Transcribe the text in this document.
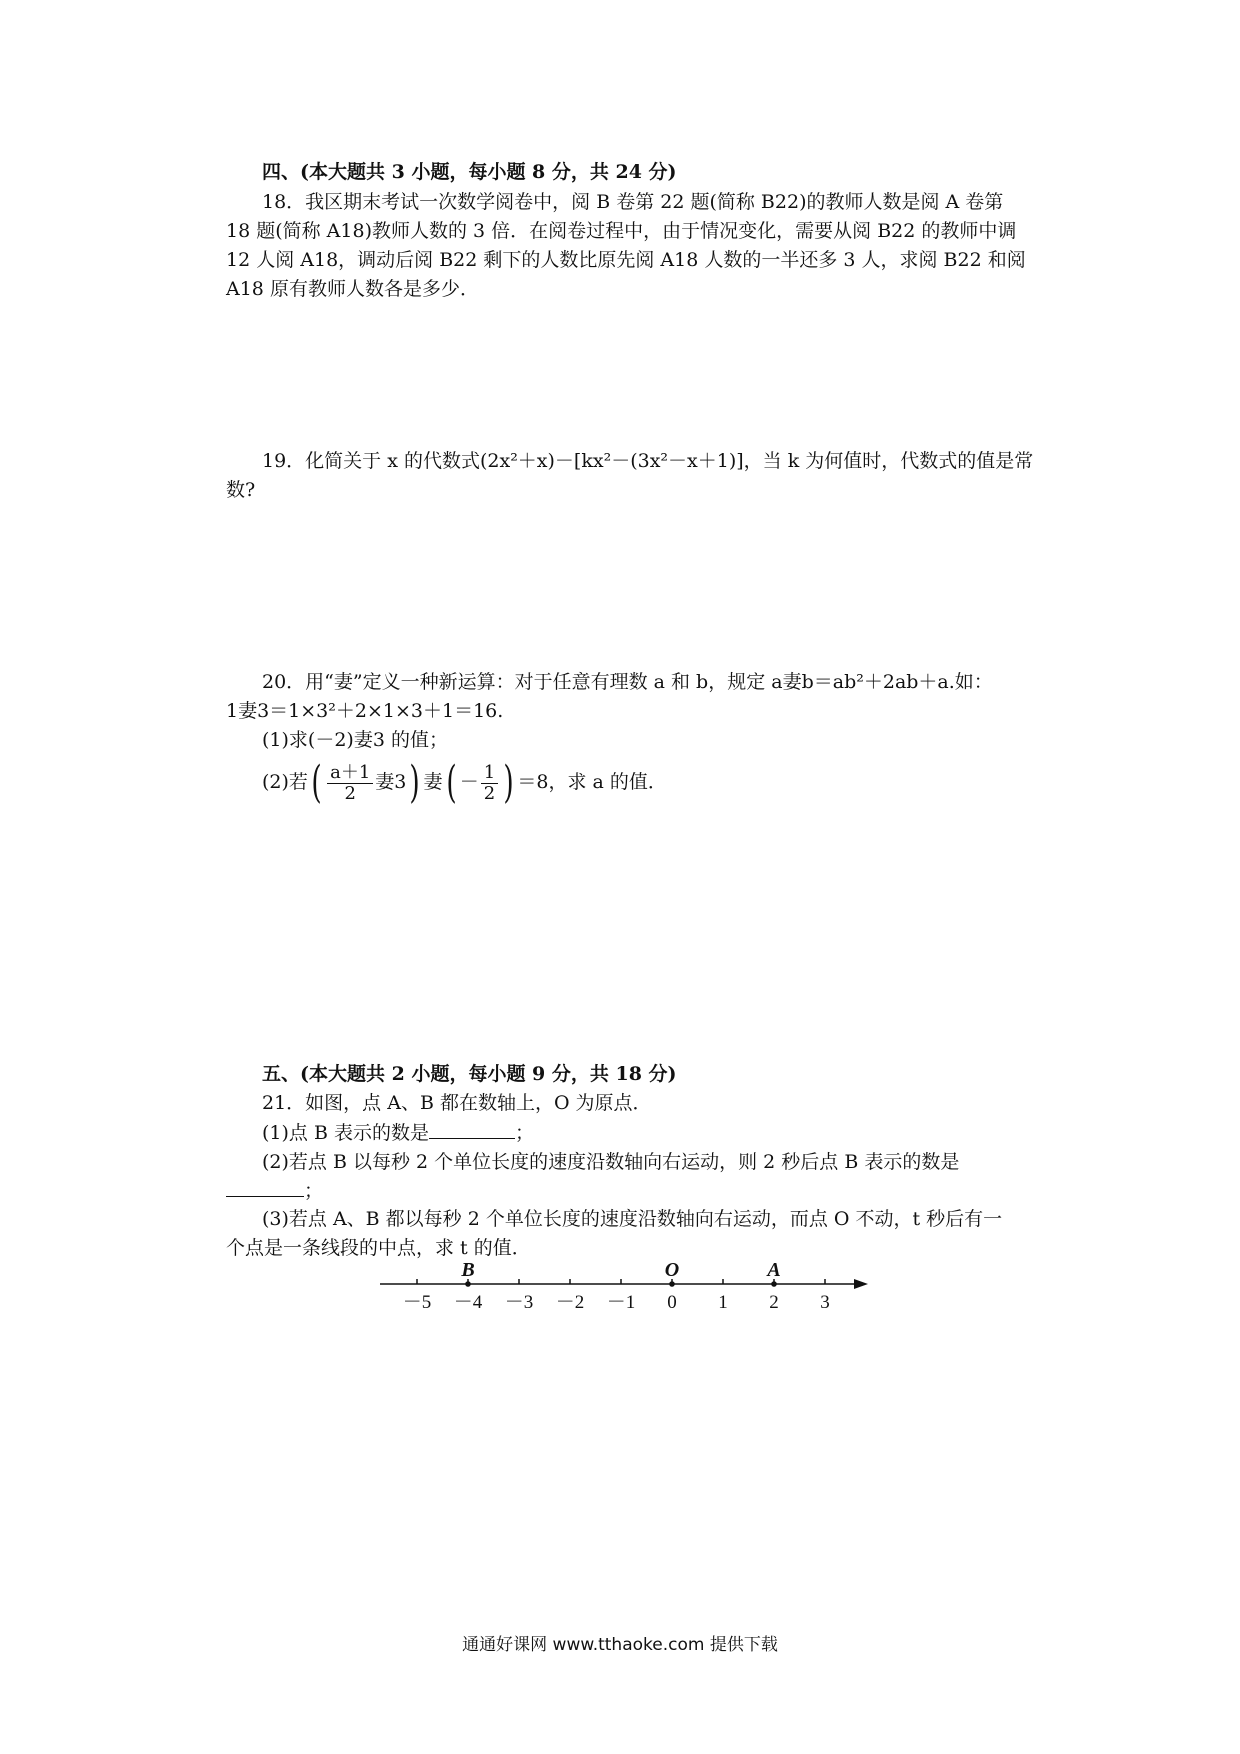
四、(本大题共 3 小题，每小题 8 分，共 24 分)
18．我区期末考试一次数学阅卷中，阅 B 卷第 22 题(简称 B22)的教师人数是阅 A 卷第
18 题(简称 A18)教师人数的 3 倍．在阅卷过程中，由于情况变化，需要从阅 B22 的教师中调
12 人阅 A18，调动后阅 B22 剩下的人数比原先阅 A18 人数的一半还多 3 人，求阅 B22 和阅
A18 原有教师人数各是多少．
19．化简关于 x 的代数式(2x²＋x)－[kx²－(3x²－x＋1)]，当 k 为何值时，代数式的值是常
数?
20．用“妻”定义一种新运算：对于任意有理数 a 和 b，规定 a妻b＝ab²＋2ab＋a.如：
1妻3＝1×3²＋2×1×3＋1＝16.
(1)求(－2)妻3 的值；
(2)若( $\frac{a+1}{2}$ 妻3) 妻( － $\frac{1}{2}$ ) ＝8，求 a 的值．
五、(本大题共 2 小题，每小题 9 分，共 18 分)
21．如图，点 A、B 都在数轴上，O 为原点．
(1)点 B 表示的数是	；
(2)若点 B 以每秒 2 个单位长度的速度沿数轴向右运动，则 2 秒后点 B 表示的数是
；
(3)若点 A、B 都以每秒 2 个单位长度的速度沿数轴向右运动，而点 O 不动，t 秒后有一
个点是一条线段的中点，求 t 的值．
－5 －4 －3 －2 －1 0 1 2 3
B	O	A
通通好课网 www.tthaoke.com 提供下载
